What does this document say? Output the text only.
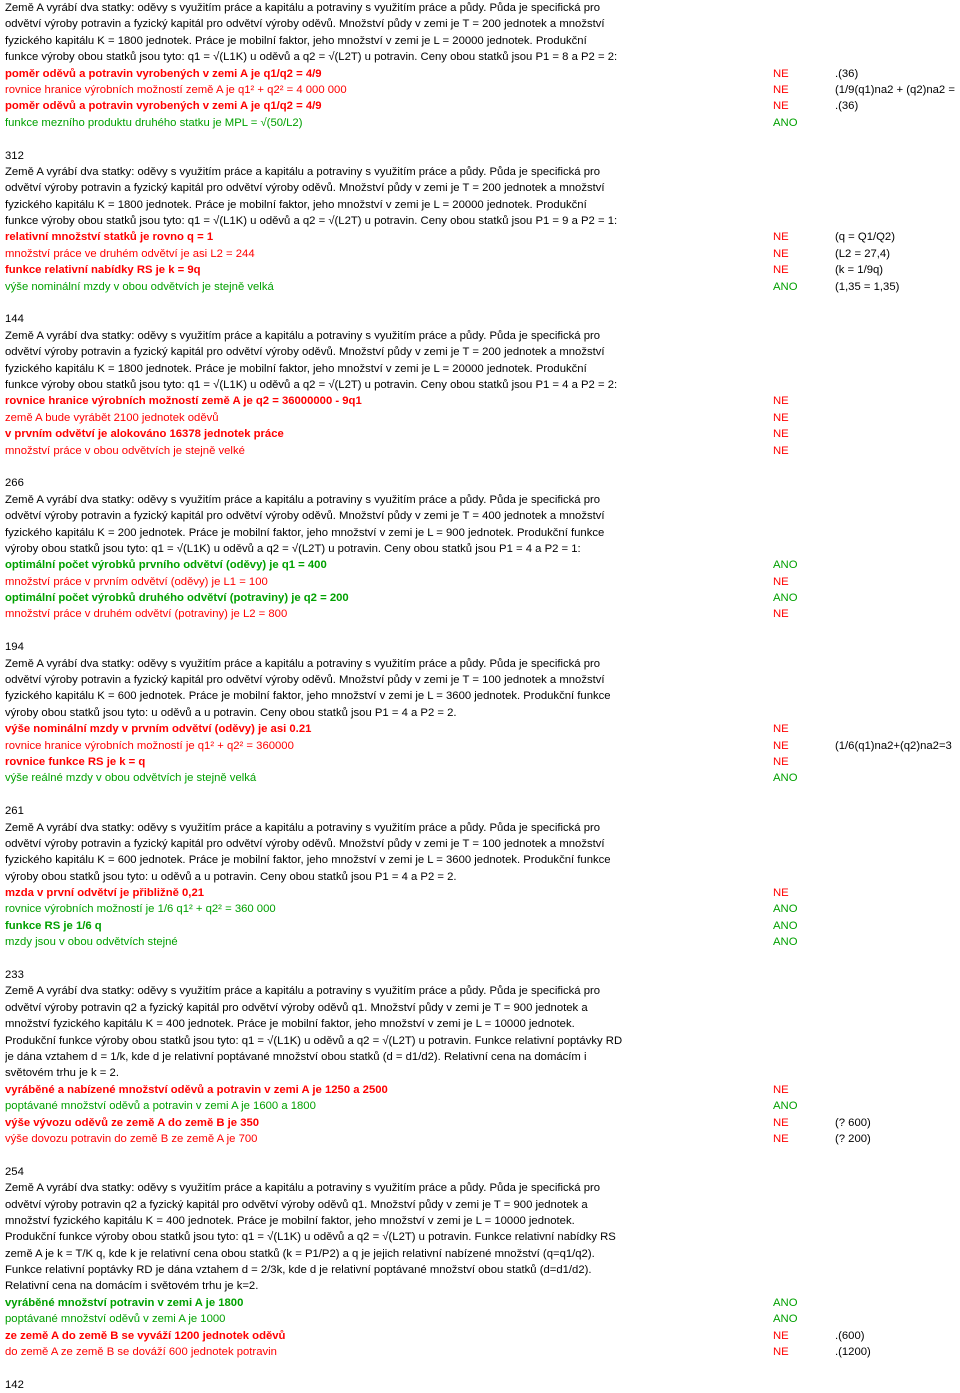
Země A vyrábí dva statky: oděvy s využitím práce a kapitálu a potraviny s využitím práce a půdy. Půda je specifická pro
odvětví výroby potravin a fyzický kapitál pro odvětví výroby oděvů. Množství půdy v zemi je T = 200 jednotek a množství
fyzického kapitálu K = 1800 jednotek. Práce je mobilní faktor, jeho množství v zemi je L = 20000 jednotek. Produkční
funkce výroby obou statků jsou tyto: q1 = √(L1K) u oděvů a q2 = √(L2T) u potravin. Ceny obou statků jsou P1 = 8 a P2 = 2:
poměr oděvů a potravin vyrobených v zemi A je q1/q2 = 4/9	NE	.(36)
rovnice hranice výrobních možností země A je q1² + q2² = 4 000 000	NE	(1/9(q1)na2 + (q2)na2 =
poměr oděvů a potravin vyrobených v zemi A je q1/q2 = 4/9	NE	.(36)
funkce mezního produktu druhého statku je MPL = √(50/L2)	ANO
312
Země A vyrábí dva statky: oděvy s využitím práce a kapitálu a potraviny s využitím práce a půdy. Půda je specifická pro
odvětví výroby potravin a fyzický kapitál pro odvětví výroby oděvů. Množství půdy v zemi je T = 200 jednotek a množství
fyzického kapitálu K = 1800 jednotek. Práce je mobilní faktor, jeho množství v zemi je L = 20000 jednotek. Produkční
funkce výroby obou statků jsou tyto: q1 = √(L1K) u oděvů a q2 = √(L2T) u potravin. Ceny obou statků jsou P1 = 9 a P2 = 1:
relativní množství statků je rovno q = 1	NE	(q = Q1/Q2)
množství práce ve druhém odvětví je asi L2 = 244	NE	(L2 = 27,4)
funkce relativní nabídky RS je k = 9q	NE	(k = 1/9q)
výše nominální mzdy v obou odvětvích je stejně velká	ANO	(1,35 = 1,35)
144
Země A vyrábí dva statky: oděvy s využitím práce a kapitálu a potraviny s využitím práce a půdy. Půda je specifická pro
odvětví výroby potravin a fyzický kapitál pro odvětví výroby oděvů. Množství půdy v zemi je T = 200 jednotek a množství
fyzického kapitálu K = 1800 jednotek. Práce je mobilní faktor, jeho množství v zemi je L = 20000 jednotek. Produkční
funkce výroby obou statků jsou tyto: q1 = √(L1K) u oděvů a q2 = √(L2T) u potravin. Ceny obou statků jsou P1 = 4 a P2 = 2:
rovnice hranice výrobních možností země A je q2 = 36000000 - 9q1	NE
země A bude vyrábět 2100 jednotek oděvů	NE
v prvním odvětví je alokováno 16378 jednotek práce	NE
množství práce v obou odvětvích je stejně velké	NE
266
Země A vyrábí dva statky: oděvy s využitím práce a kapitálu a potraviny s využitím práce a půdy. Půda je specifická pro
odvětví výroby potravin a fyzický kapitál pro odvětví výroby oděvů. Množství půdy v zemi je T = 400 jednotek a množství
fyzického kapitálu K = 200 jednotek. Práce je mobilní faktor, jeho množství v zemi je L = 900 jednotek. Produkční funkce
výroby obou statků jsou tyto: q1 = √(L1K) u oděvů a q2 = √(L2T) u potravin. Ceny obou statků jsou P1 = 4 a P2 = 1:
optimální počet výrobků prvního odvětví (oděvy) je q1 = 400	ANO
množství práce v prvním odvětví (oděvy) je L1 = 100	NE
optimální počet výrobků druhého odvětví (potraviny) je q2 = 200	ANO
množství práce v druhém odvětví (potraviny) je L2 = 800	NE
194
Země A vyrábí dva statky: oděvy s využitím práce a kapitálu a potraviny s využitím práce a půdy. Půda je specifická pro
odvětví výroby potravin a fyzický kapitál pro odvětví výroby oděvů. Množství půdy v zemi je T = 100 jednotek a množství
fyzického kapitálu K = 600 jednotek. Práce je mobilní faktor, jeho množství v zemi je L = 3600 jednotek. Produkční funkce
výroby obou statků jsou tyto: u oděvů a u potravin. Ceny obou statků jsou P1 = 4 a P2 = 2.
výše nominální mzdy v prvním odvětví (oděvy) je asi 0.21	NE
rovnice hranice výrobních možností je q1² + q2² = 360000	NE	(1/6(q1)na2+(q2)na2=3
rovnice funkce RS je k = q	NE
výše reálné mzdy v obou odvětvích je stejně velká	ANO
261
Země A vyrábí dva statky: oděvy s využitím práce a kapitálu a potraviny s využitím práce a půdy. Půda je specifická pro
odvětví výroby potravin a fyzický kapitál pro odvětví výroby oděvů. Množství půdy v zemi je T = 100 jednotek a množství
fyzického kapitálu K = 600 jednotek. Práce je mobilní faktor, jeho množství v zemi je L = 3600 jednotek. Produkční funkce
výroby obou statků jsou tyto: u oděvů a u potravin. Ceny obou statků jsou P1 = 4 a P2 = 2.
mzda v první odvětví je přibližně 0,21	NE
rovnice výrobních možností je 1/6 q1² + q2² = 360 000	ANO
funkce RS je 1/6 q	ANO
mzdy jsou v obou odvětvích stejné	ANO
233
Země A vyrábí dva statky: oděvy s využitím práce a kapitálu a potraviny s využitím práce a půdy. Půda je specifická pro
odvětví výroby potravin q2 a fyzický kapitál pro odvětví výroby oděvů q1. Množství půdy v zemi je T = 900 jednotek a
množství fyzického kapitálu K = 400 jednotek. Práce je mobilní faktor, jeho množství v zemi je L = 10000 jednotek.
Produkční funkce výroby obou statků jsou tyto: q1 = √(L1K) u oděvů a q2 = √(L2T) u potravin. Funkce relativní poptávky RD
je dána vztahem d = 1/k, kde d je relativní poptávané množství obou statků (d = d1/d2). Relativní cena na domácím i
světovém trhu je k = 2.
vyráběné a nabízené množství oděvů a potravin v zemi A je 1250 a 2500	NE
poptávané množství oděvů a potravin v zemi A je 1600 a 1800	ANO
výše vývozu oděvů ze země A do země B je 350	NE	(? 600)
výše dovozu potravin do země B ze země A je 700	NE	(? 200)
254
Země A vyrábí dva statky: oděvy s využitím práce a kapitálu a potraviny s využitím práce a půdy. Půda je specifická pro
odvětví výroby potravin q2 a fyzický kapitál pro odvětví výroby oděvů q1. Množství půdy v zemi je T = 900 jednotek a
množství fyzického kapitálu K = 400 jednotek. Práce je mobilní faktor, jeho množství v zemi je L = 10000 jednotek.
Produkční funkce výroby obou statků jsou tyto: q1 = √(L1K) u oděvů a q2 = √(L2T) u potravin. Funkce relativní nabídky RS
země A je k = T/K q, kde k je relativní cena obou statků (k = P1/P2) a q je jejich relativní nabízené množství (q=q1/q2).
Funkce relativní poptávky RD je dána vztahem d = 2/3k, kde d je relativní poptávané množství obou statků (d=d1/d2).
Relativní cena na domácím i světovém trhu je k=2.
vyráběné množství potravin v zemi A je 1800	ANO
poptávané množství oděvů v zemi A je 1000	ANO
ze země A do země B se vyváží 1200 jednotek oděvů	NE	.(600)
do země A ze země B se dováží 600 jednotek potravin	NE	.(1200)
142
